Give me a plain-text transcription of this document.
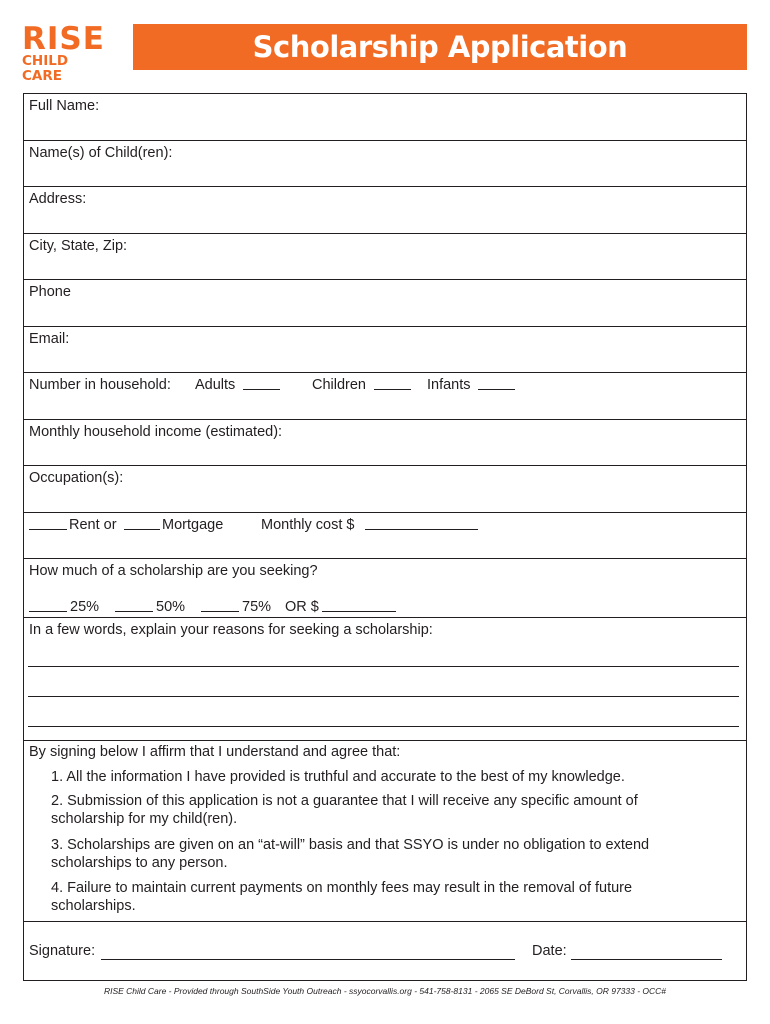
RISE
CHILD CARE
Scholarship Application
Full Name:
Name(s) of Child(ren):
Address:
City, State, Zip:
Phone
Email:
Number in household: Adults	Children	Infants
Monthly household income (estimated):
Occupation(s):
Rent or	Mortgage	Monthly cost $
How much of a scholarship are you seeking?
25%	50%	75% OR $
In a few words, explain your reasons for seeking a scholarship:
By signing below I affirm that I understand and agree that:
1. All the information I have provided is truthful and accurate to the best of my knowledge.
2. Submission of this application is not a guarantee that I will receive any specific amount of scholarship for my child(ren).
3. Scholarships are given on an “at-will” basis and that SSYO is under no obligation to extend scholarships to any person.
4. Failure to maintain current payments on monthly fees may result in the removal of future scholarships.
Signature:	Date:
RISE Child Care - Provided through SouthSide Youth Outreach - ssyocorvallis.org - 541-758-8131 - 2065 SE DeBord St, Corvallis, OR 97333 - OCC#
